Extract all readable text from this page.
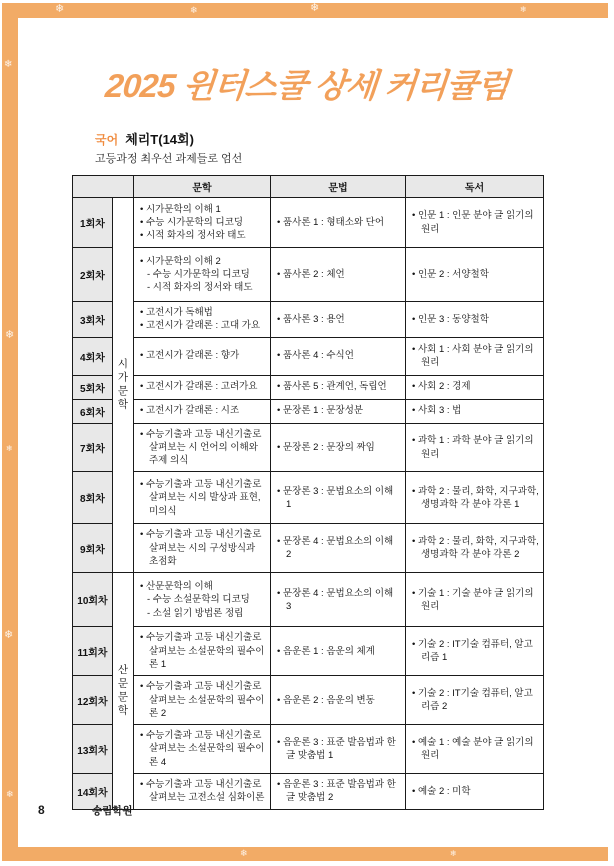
❄	❄	❄	❄
❄
❄
❄
❄
❄
❄	❄
2025 윈터스쿨 상세 커리큘럼
국어 체리T(14회)
고등과정 최우선 과제들로 엄선
		문학	문법	독서
1회차	시가문학	• 시가문학의 이해 1
• 수능 시가문학의 디코딩
• 시적 화자의 정서와 태도	• 품사론 1 : 형태소와 단어	• 인문 1 : 인문 분야 글 읽기의 원리

2회차		• 시가문학의 이해 2
- 수능 시가문학의 디코딩
- 시적 화자의 정서와 태도	• 품사론 2 : 체언	• 인문 2 : 서양철학

3회차		• 고전시가 독해법
• 고전시가 갈래론 : 고대 가요	• 품사론 3 : 용언	• 인문 3 : 동양철학

4회차		• 고전시가 갈래론 : 향가	• 품사론 4 : 수식언	• 사회 1 : 사회 분야 글 읽기의 원리

5회차		• 고전시가 갈래론 : 고려가요	• 품사론 5 : 관계언, 독립언	• 사회 2 : 경제

6회차		• 고전시가 갈래론 : 시조	• 문장론 1 : 문장성분	• 사회 3 : 법

7회차		• 수능기출과 고등 내신기출로 살펴보는 시 언어의 이해와 주제 의식	• 문장론 2 : 문장의 짜임	• 과학 1 : 과학 분야 글 읽기의 원리

8회차		• 수능기출과 고등 내신기출로 살펴보는 시의 발상과 표현, 미의식	• 문장론 3 : 문법요소의 이해 1	• 과학 2 : 물리, 화학, 지구과학, 생명과학 각 분야 각론 1

9회차		• 수능기출과 고등 내신기출로 살펴보는 시의 구성방식과 초점화	• 문장론 4 : 문법요소의 이해 2	• 과학 2 : 물리, 화학, 지구과학, 생명과학 각 분야 각론 2

10회차	산문문학	• 산문문학의 이해
- 수능 소설문학의 디코딩
- 소설 읽기 방법론 정립	• 문장론 4 : 문법요소의 이해 3	• 기술 1 : 기술 분야 글 읽기의 원리

11회차		• 수능기출과 고등 내신기출로 살펴보는 소설문학의 필수이론 1	• 음운론 1 : 음운의 체계	• 기술 2 : IT기술 컴퓨터, 알고리즘 1

12회차		• 수능기출과 고등 내신기출로 살펴보는 소설문학의 필수이론 2	• 음운론 2 : 음운의 변동	• 기술 2 : IT기술 컴퓨터, 알고리즘 2

13회차		• 수능기출과 고등 내신기출로 살펴보는 소설문학의 필수이론 4	• 음운론 3 : 표준 발음법과 한글 맞춤법 1	• 예술 1 : 예술 분야 글 읽기의 원리

14회차		• 수능기출과 고등 내신기출로 살펴보는 고전소설 심화이론	• 음운론 3 : 표준 발음법과 한글 맞춤법 2	• 예술 2 : 미학
8	송림학원
